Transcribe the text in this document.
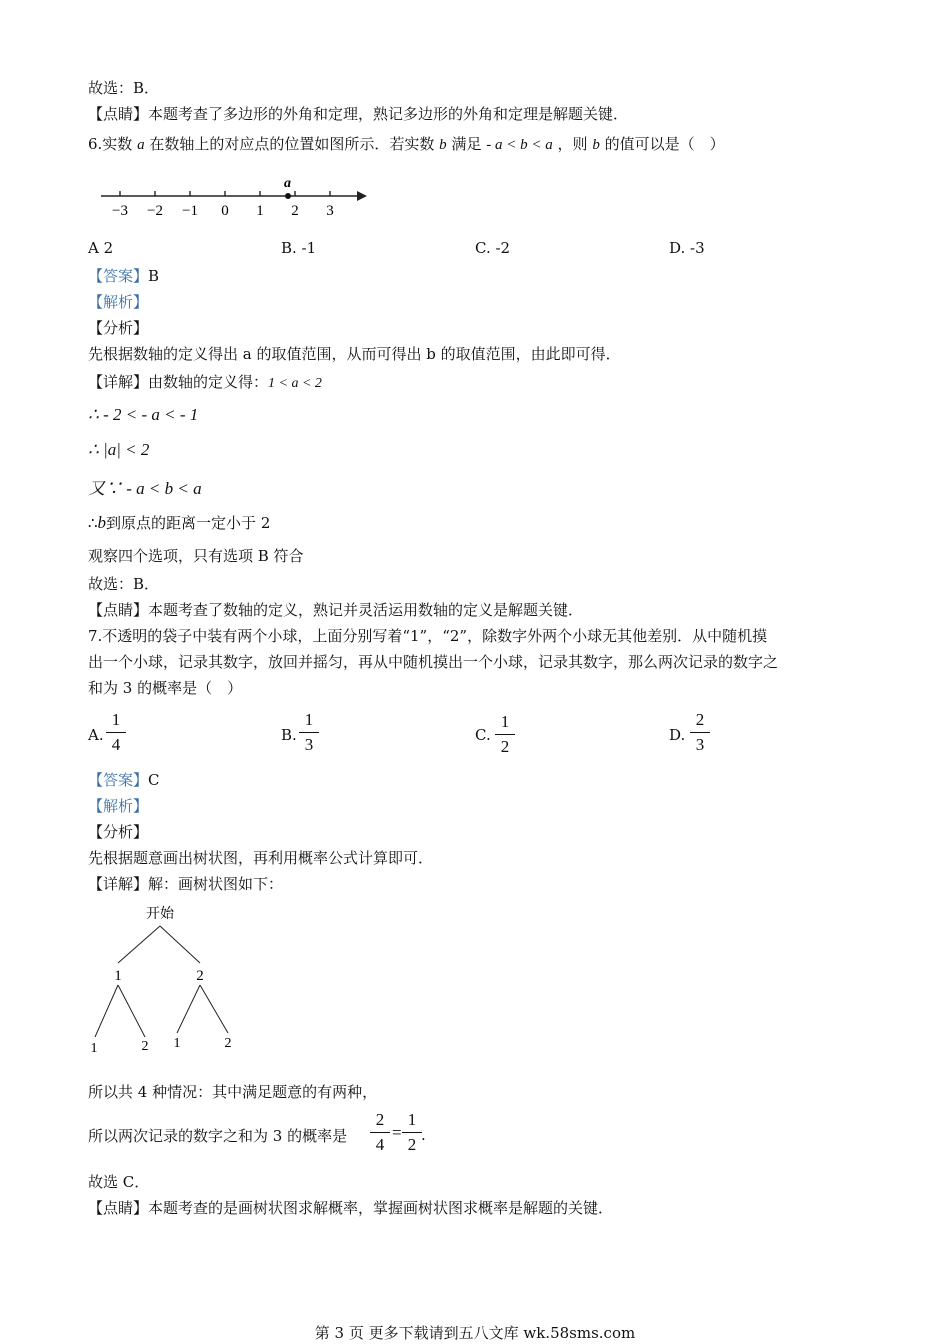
故选：B．
【点睛】本题考查了多边形的外角和定理，熟记多边形的外角和定理是解题关键．
6.实数 a 在数轴上的对应点的位置如图所示．若实数 b 满足 - a < b < a ，则 b 的值可以是（　）
−3 −2 −1 0 1 2 3
a
A 2	B. -1	C. -2	D. -3
【答案】B
【解析】
【分析】
先根据数轴的定义得出 a 的取值范围，从而可得出 b 的取值范围，由此即可得．
【详解】由数轴的定义得：1 < a < 2
∴ - 2 < - a < - 1
∴ |a| < 2
又∵ - a < b < a
∴b到原点的距离一定小于 2
观察四个选项，只有选项 B 符合
故选：B．
【点睛】本题考查了数轴的定义，熟记并灵活运用数轴的定义是解题关键．
7.不透明的袋子中装有两个小球，上面分别写着“1”，“2”，除数字外两个小球无其他差别．从中随机摸
出一个小球，记录其数字，放回并摇匀，再从中随机摸出一个小球，记录其数字，那么两次记录的数字之
和为 3 的概率是（　）
A.
1
4	B.
1
3	C.
1
2
D.
2
3
【答案】C
【解析】
【分析】
先根据题意画出树状图，再利用概率公式计算即可．
【详解】解：画树状图如下：
开始
1	2
1	2 1	2
所以共 4 种情况：其中满足题意的有两种，
所以两次记录的数字之和为 3 的概率是
2
4
=
1
2 .
故选 C．
【点睛】本题考查的是画树状图求解概率，掌握画树状图求概率是解题的关键．
第 3 页 更多下载请到五八文库 wk.58sms.com
